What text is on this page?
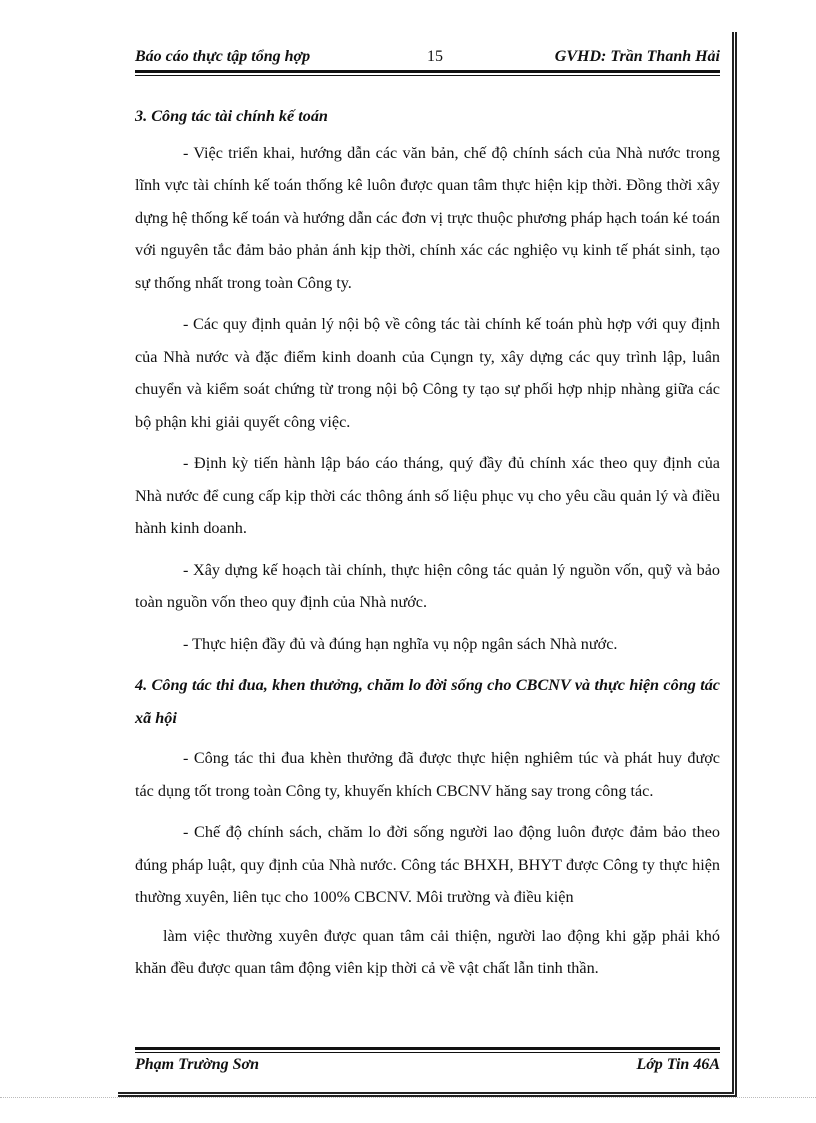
Báo cáo thực tập tổng hợp	15	GVHD: Trần Thanh Hải

3. Công tác tài chính kế toán

- Việc triển khai, hướng dẫn các văn bản, chế độ chính sách của Nhà nước trong lĩnh vực tài chính kế toán thống kê luôn được quan tâm thực hiện kịp thời. Đồng thời xây dựng hệ thống kế toán và hướng dẫn các đơn vị trực thuộc phương pháp hạch toán ké toán với nguyên tắc đảm bảo phản ánh kịp thời, chính xác các nghiệo vụ kinh tế phát sinh, tạo sự thống nhất trong toàn Công ty.

- Các quy định quản lý nội bộ về công tác tài chính kế toán phù hợp với quy định của Nhà nước và đặc điểm kinh doanh của Cụngn ty, xây dựng các quy trình lập, luân chuyển và kiểm soát chứng từ trong nội bộ Công ty tạo sự phối hợp nhịp nhàng giữa các bộ phận khi giải quyết công việc.

- Định kỳ tiến hành lập báo cáo tháng, quý đầy đủ chính xác theo quy định của Nhà nước để cung cấp kịp thời các thông ánh số liệu phục vụ cho yêu cầu quản lý và điều hành kinh doanh.

- Xây dựng kế hoạch tài chính, thực hiện công tác quản lý nguồn vốn, quỹ và bảo toàn nguồn vốn theo quy định của Nhà nước.

- Thực hiện đầy đủ và đúng hạn nghĩa vụ nộp ngân sách Nhà nước.

4. Công tác thi đua, khen thưởng, chăm lo đời sống cho CBCNV và thực hiện công tác xã hội

- Công tác thi đua khèn thưởng đã được thực hiện nghiêm túc và phát huy được tác dụng tốt trong toàn Công ty, khuyến khích CBCNV hăng say trong công tác.

- Chế độ chính sách, chăm lo đời sống người lao động luôn được đảm bảo theo đúng pháp luật, quy định của Nhà nước. Công tác BHXH, BHYT được Công ty thực hiện thường xuyên, liên tục cho 100% CBCNV. Môi trường và điều kiện

làm việc thường xuyên được quan tâm cải thiện, người lao động khi gặp phải khó khăn đều được quan tâm động viên kịp thời cả về vật chất lẫn tinh thần.

Phạm Trường Sơn	Lớp Tin 46A
